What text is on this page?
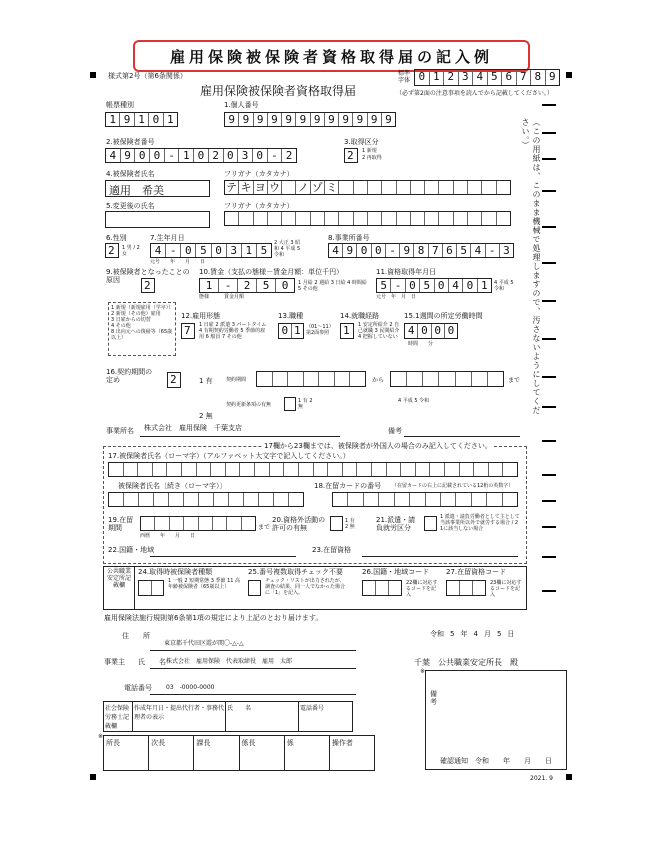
雇用保険被保険者資格取得届の記入例
様式第2号（第6条関係）
雇用保険被保険者資格取得届
標準字体 0 1 2 3 4 5 6 7 8 9
（必ず第2面の注意事項を読んでから記載してください。）
（この用紙は、このまま機械で処理しますので、汚さないようにしてください。）
帳票種別
1 9 1 0 1
1.個人番号
9 9 9 9 9 9 9 9 9 9 9 9
2.被保険者番号
4 9 0 0 - 1 0 2 0 3 0 - 2
3.取得区分
2	1 新規
2 再取得
4.被保険者氏名
適用　希美
フリガナ（カタカナ）
テ キ ヨ ウ ノ ゾ ミ
5.変更後の氏名	フリガナ（カタカナ）
6.性別
2	1 男 / 2 女
7.生年月日
4 - 0 5 0 3 1 5
2 大正 3 昭和 4 平成 5 令和
元号　　年　　月　　日
8.事業所番号
4 9 0 0 - 9 8 7 6 5 4 - 3
9.被保険者となったことの原因	2
10.賃金（支払の態様－賃金月額：単位千円）
1	-	2	5	0	1 月給 2 週給 3 日給 4 時間給 5 その他
態様　　　賃金月額
11.資格取得年月日
5 - 0 5 0 4 0 1	4 平成 5 令和
元号　年　月　日
1 新規（新規雇用（学卒））
2 新規（その他）雇用
3 日雇からの切替
4 その他
8 出向元への復帰等（65歳以上）
12.雇用形態
7	1 日雇 2 派遣 3 パートタイム 4 有期契約労働者 5 季節的雇用 6 船員 7 その他
13.職種
0 1	（01〜11）第2面参照
14.就職経路
1	1 安定所紹介 2 自己就職 3 民間紹介 4 把握していない
15.1週間の所定労働時間
4 0 0 0
時間　　分
16.契約期間の定め	2	1 有
2 無
契約期間	から	まで
契約更新条項の有無
1 有 2 無
4 平成 5 令和
事業所名 株式会社　雇用保険　千葉支店	備考
17欄から23欄までは、被保険者が外国人の場合のみ記入してください。
17.被保険者氏名（ローマ字）（アルファベット大文字で記入してください。）
被保険者氏名〔続き（ローマ字）〕	18.在留カードの番号 （在留カードの右上に記載されている12桁の英数字）
19.在留期間	まで
西暦　　年　　月　　日
20.資格外活動の許可の有無
1 有 2 無
21.派遣・請負就労区分
1 派遣・請負労働者として主として当該事業所以外で就労する場合 / 2 1に該当しない場合
22.国籍・地域	23.在留資格
公共職業安定所記載欄
24.取得時被保険者種類
1 一般 2 短期常態 3 季節 11 高年齢被保険者（65歳以上）
25.番号複数取得チェック不要
チェック・リストが出力されたが、調査の結果、同一人でなかった場合に「1」を記入。
26.国籍・地域コード
22欄に対応するコードを記入
27.在留資格コード
23欄に対応するコードを記入
雇用保険法施行規則第6条第1項の規定により上記のとおり届けます。
令和 5 年 4 月 5 日
住　　所
東京都千代田区霞が関〇-△-△
事業主 氏　　名 株式会社　雇用保険　代表取締役　雇用　太郎
電話番号 03　-0000-0000
千葉　公共職業安定所長　殿
社会保険労務士記載欄	作成年月日・提出代行者・事務代理者の表示	氏　　名	電話番号
※
所長	次長	課長	係長	係	操作者
※
備考
確認通知　令和　　年　　月　　日
2021. 9
